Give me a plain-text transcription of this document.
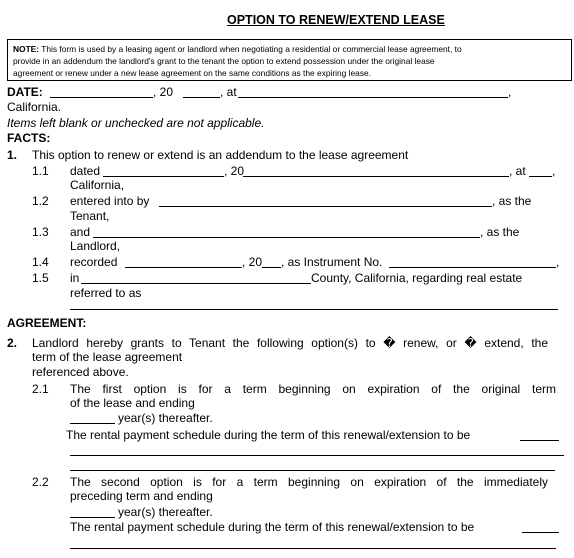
OPTION TO RENEW/EXTEND LEASE
NOTE: This form is used by a leasing agent or landlord when negotiating a residential or commercial lease agreement, to
provide in an addendum the landlord's grant to the tenant the option to extend possession under the original lease
agreement or renew under a new lease agreement on the same conditions as the expiring lease.
DATE:	, 20	, at	,
California.
Items left blank or unchecked are not applicable.
FACTS:
1. This option to renew or extend is an addendum to the lease agreement
1.1 dated	, 20	, at ,
California,
1.2 entered into by	, as the
Tenant,
1.3 and	, as the
Landlord,
1.4 recorded	, 20 , as Instrument No.	,
1.5 in	County, California, regarding real estate
referred to as
AGREEMENT:
2. Landlord hereby grants to Tenant the following option(s) to � renew, or � extend, the
term of the lease agreement
referenced above.
2.1 The first option is for a term beginning on expiration of the original term
of the lease and ending
year(s) thereafter.
The rental payment schedule during the term of this renewal/extension to be
2.2 The second option is for a term beginning on expiration of the immediately
preceding term and ending
year(s) thereafter.
The rental payment schedule during the term of this renewal/extension to be
